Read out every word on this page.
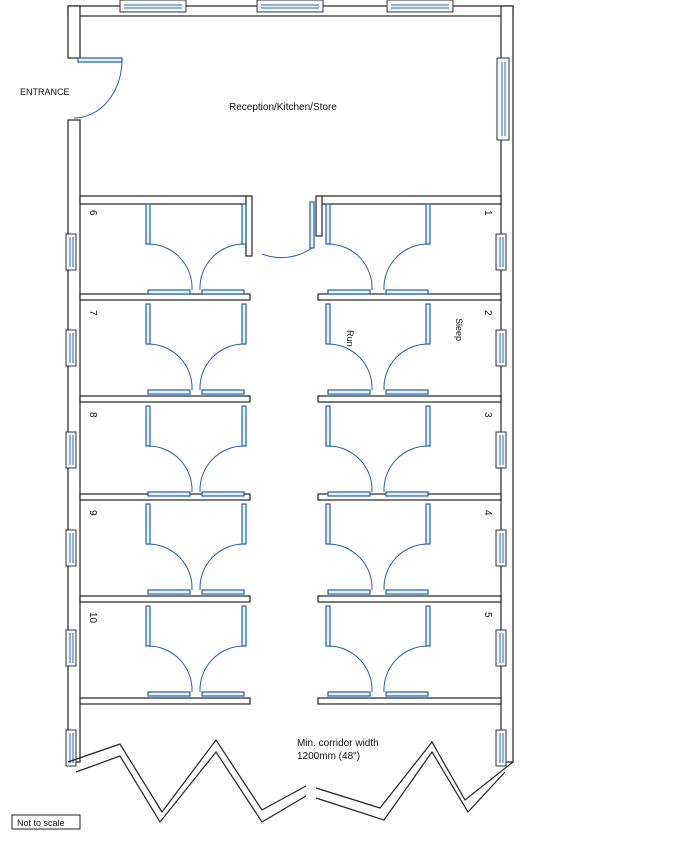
6
7
8
9
10
1
2
3
4
5
ENTRANCE
Reception/Kitchen/Store
Run	Sleep
Min. corridor width
1200mm (48")
Not to scale
